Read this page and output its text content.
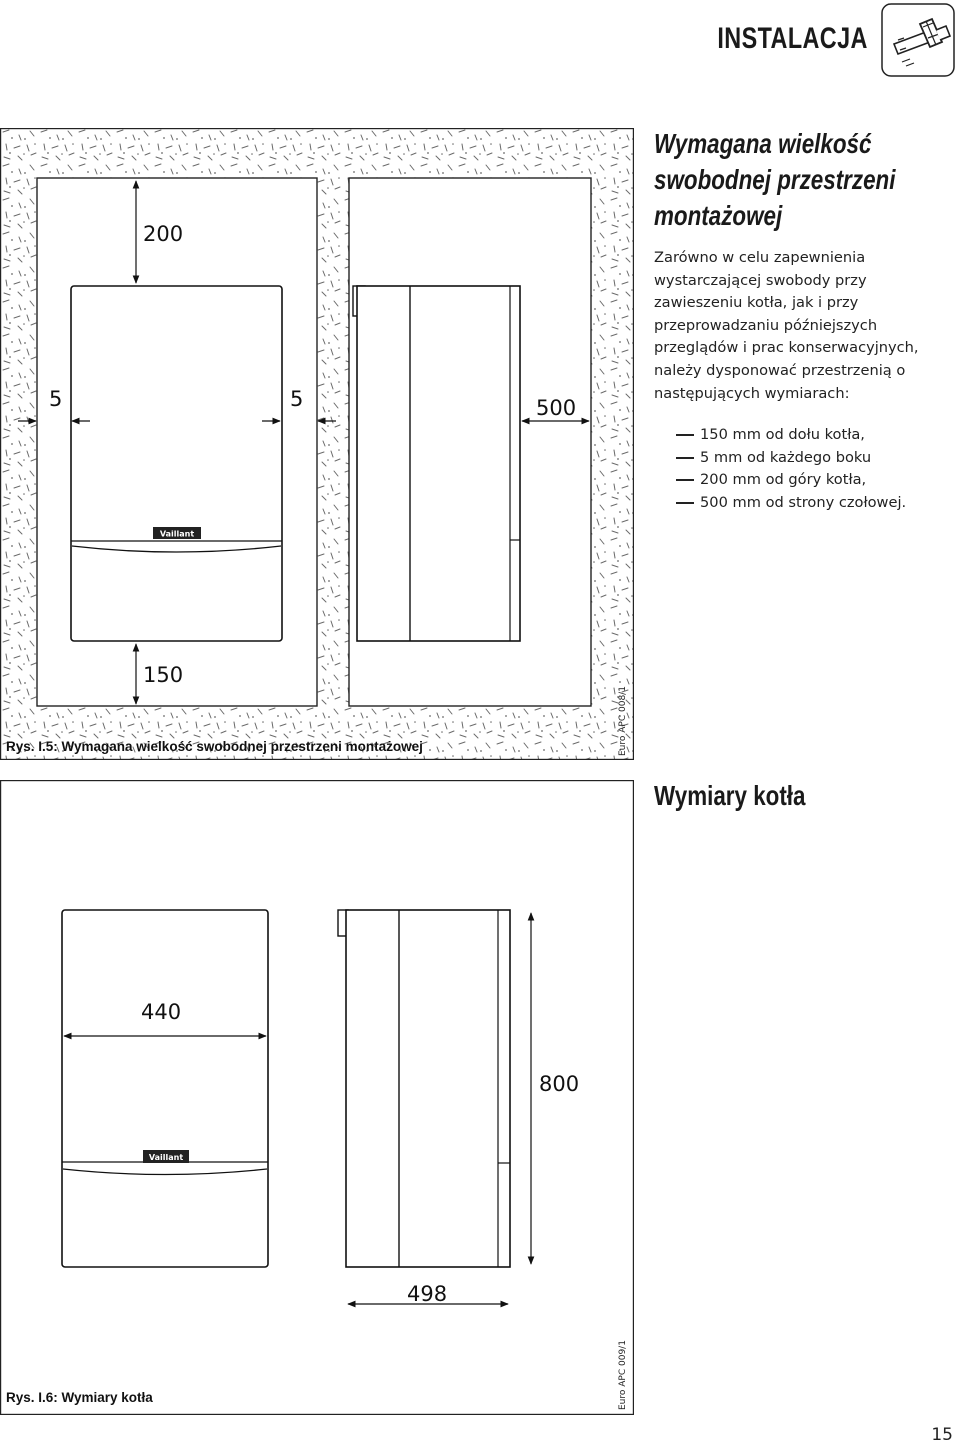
INSTALACJA
Vaillant
200
5	5	500
150
Euro APC 008/1
Rys. I.5: Wymagana wielkość swobodnej przestrzeni montażowej
Vaillant
440
800
498
Euro APC 009/1
Rys. I.6: Wymiary kotła
Wymagana wielkość
swobodnej przestrzeni
montażowej
Zarówno w celu zapewnienia
wystarczającej swobody przy
zawieszeniu kotła, jak i przy
przeprowadzaniu późniejszych
przeglądów i prac konserwacyjnych,
należy dysponować przestrzenią o
następujących wymiarach:
150 mm od dołu kotła,
5 mm od każdego boku
200 mm od góry kotła,
500 mm od strony czołowej.
Wymiary kotła
15
